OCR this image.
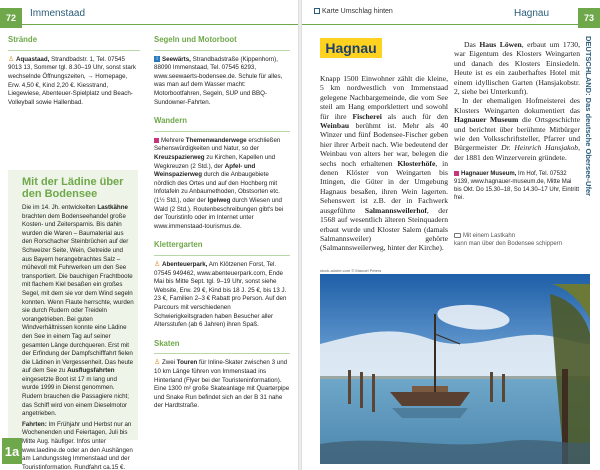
72	Immenstaad
Strände

♙ Aquastaad, Strandbadstr. 1, Tel. 07545 9013 13, Sommer tgl. 8.30–19 Uhr, sonst stark wechselnde Öffnungszeiten, → Homepage, Erw. 4,50 €, Kind 2,20 €. Kiesstrand, Liegewiese, Abenteuer-Spielplatz und Beach-Volleyball sowie Hallenbad.

Mit der Lädine über den Bodensee

Die im 14. Jh. entwickelten Lastkähne brachten dem Bodenseehandel große Kosten- und Zeitersparnis. Bis dahin wurden die Waren – Baumaterial aus den Rorschacher Steinbrüchen auf der Schweizer Seite, Wein, Getreide und aus Bayern herangebrachtes Salz – mühevoll mit Fuhrwerken um den See transportiert. Die bauchigen Frachtboote mit flachem Kiel besaßen ein großes Segel, mit dem sie vor dem Wind segeln konnten. Wenn Flaute herrschte, wurden sie durch Rudern oder Treideln vorangetrieben. Bei guten Windverhältnissen konnte eine Lädine den See in einem Tag auf seiner gesamten Länge durchqueren. Erst mit der Erfindung der Dampfschifffahrt fielen die Lädinen in Vergessenheit. Das heute auf dem See zu Ausflugsfahrten eingesetzte Boot ist 17 m lang und wurde 1999 in Dienst genommen. Rudern brauchen die Passagiere nicht; das Schiff wird von einem Dieselmotor angetrieben.

Fahrten: Im Frühjahr und Herbst nur an Wochenenden und Feiertagen, Juli bis Mitte Aug. häufiger. Infos unter www.laedine.de oder an den Aushängen am Landungssteg Immenstaad und der Touristinformation. Rundfahrt ca.15 €.

1a
Segeln und Motorboot

i Seewärts, Strandbadstraße (Kippenhorn), 88090 Immenstaad, Tel. 07545 6293, www.seewaerts-bodensee.de. Schule für alles, was man auf dem Wasser macht: Motorbootfahren, Segeln, SUP und BBQ-Sundowner-Fahrten.

Wandern

Mehrere Themenwanderwege erschließen Sehenswürdigkeiten und Natur, so der Kreuzspazierweg zu Kirchen, Kapellen und Wegkreuzen (2 Std.), der Apfel- und Weinspazierweg durch die Anbaugebiete nördlich des Ortes und auf den Hochberg mit Infotafeln zu Anbaumethoden, Obstsorten etc. (1½ Std.), oder der Igelweg durch Wiesen und Wald (2 Std.). Routenbeschreibungen gibt's bei der Touristinfo oder im Internet unter www.immenstaad-tourismus.de.

Klettergarten

♙ Abenteuerpark, Am Klötzenen Forst, Tel. 07545 949462, www.abenteuerpark.com, Ende Mai bis Mitte Sept. tgl. 9–19 Uhr, sonst siehe Website, Erw. 29 €, Kind bis 18 J. 25 €, bis 13 J. 23 €, Familien 2–3 € Rabatt pro Person. Auf den Parcours mit verschiedenen Schwierigkeitsgraden haben Besucher aller Altersstufen (ab 6 Jahren) ihren Spaß.

Skaten

♙ Zwei Touren für Inline-Skater zwischen 3 und 10 km Länge führen von Immenstaad ins Hinterland (Flyer bei der Touristeninformation). Eine 1300 m² große Skateanlage mit Quarterpipe und Snake Run befindet sich an der B 31 nahe der Hardtstraße.

Karte Umschlag hinten	Hagnau	73
Hagnau

Knapp 1500 Einwohner zählt die kleine, 5 km nordwestlich von Immenstaad gelegene Nachbargemeinde, die vom See steil am Hang emporklettert und sowohl für ihre Fischerei als auch für den Weinbau berühmt ist. Mehr als 40 Winzer und fünf Bodensee-Fischer geben hier ihrer Arbeit nach. Wie bedeutend der Weinbau von alters her war, belegen die sechs noch erhaltenen Klosterhöfe, in denen Klöster von Weingarten bis Ittingen, die Güter in der Umgebung Hagnaus besaßen, ihren Wein lagerten. Sehenswert ist z.B. der in Fachwerk ausgeführte Salmannsweilerhof, der 1568 auf wesentlich älteren Steinquadern erbaut wurde und Kloster Salem (damals Salmannsweiler) gehörte (Salmannsweilerweg, hinter der Kirche).

Das Haus Löwen, erbaut um 1730, war Eigentum des Klosters Weingarten und danach des Klosters Einsiedeln. Heute ist es ein zauberhaftes Hotel mit einem idyllischen Garten (Hansjakobstr. 2, siehe bei Unterkunft).

In der ehemaligen Hofmeisterei des Klosters Weingarten dokumentiert das Hagnauer Museum die Ortsgeschichte und berichtet über berühmte Mitbürger wie den Volksschriftsteller, Pfarrer und Bürgermeister Dr. Heinrich Hansjakob, der 1881 den Winzerverein gründete.

Hagnauer Museum, Im Hof, Tel. 07532 9139, www.hagnauer-museum.de, Mitte Mai bis Okt. Do 15.30–18, So 14.30–17 Uhr, Eintritt frei.
DEUTSCHLAND: Das deutsche Obersee-Ufer
Mit einem Lastkahn
kann man über den Bodensee schippern
stock.adobe.com © Manuel Peters
